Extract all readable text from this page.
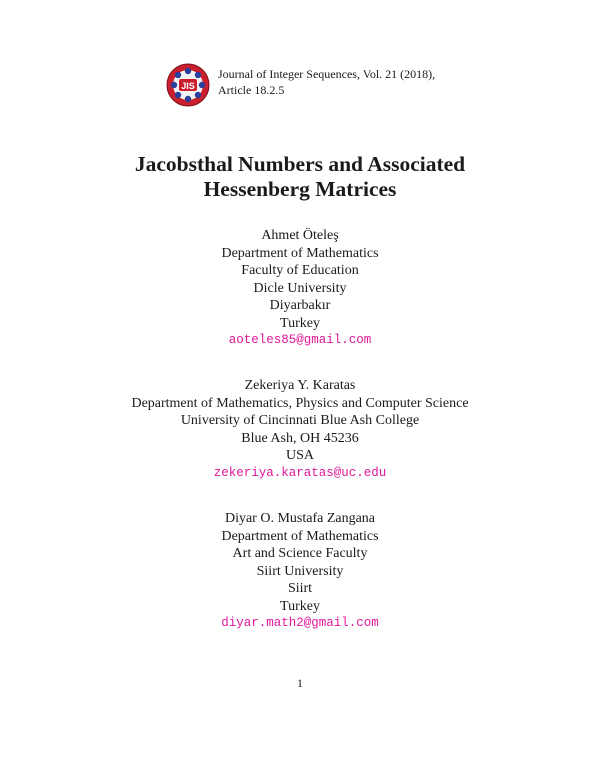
JIS
Journal of Integer Sequences, Vol. 21 (2018),
Article 18.2.5
Jacobsthal Numbers and Associated
Hessenberg Matrices
Ahmet Öteleş
Department of Mathematics
Faculty of Education
Dicle University
Diyarbakır
Turkey
aoteles85@gmail.com
Zekeriya Y. Karatas
Department of Mathematics, Physics and Computer Science
University of Cincinnati Blue Ash College
Blue Ash, OH 45236
USA
zekeriya.karatas@uc.edu
Diyar O. Mustafa Zangana
Department of Mathematics
Art and Science Faculty
Siirt University
Siirt
Turkey
diyar.math2@gmail.com
1
